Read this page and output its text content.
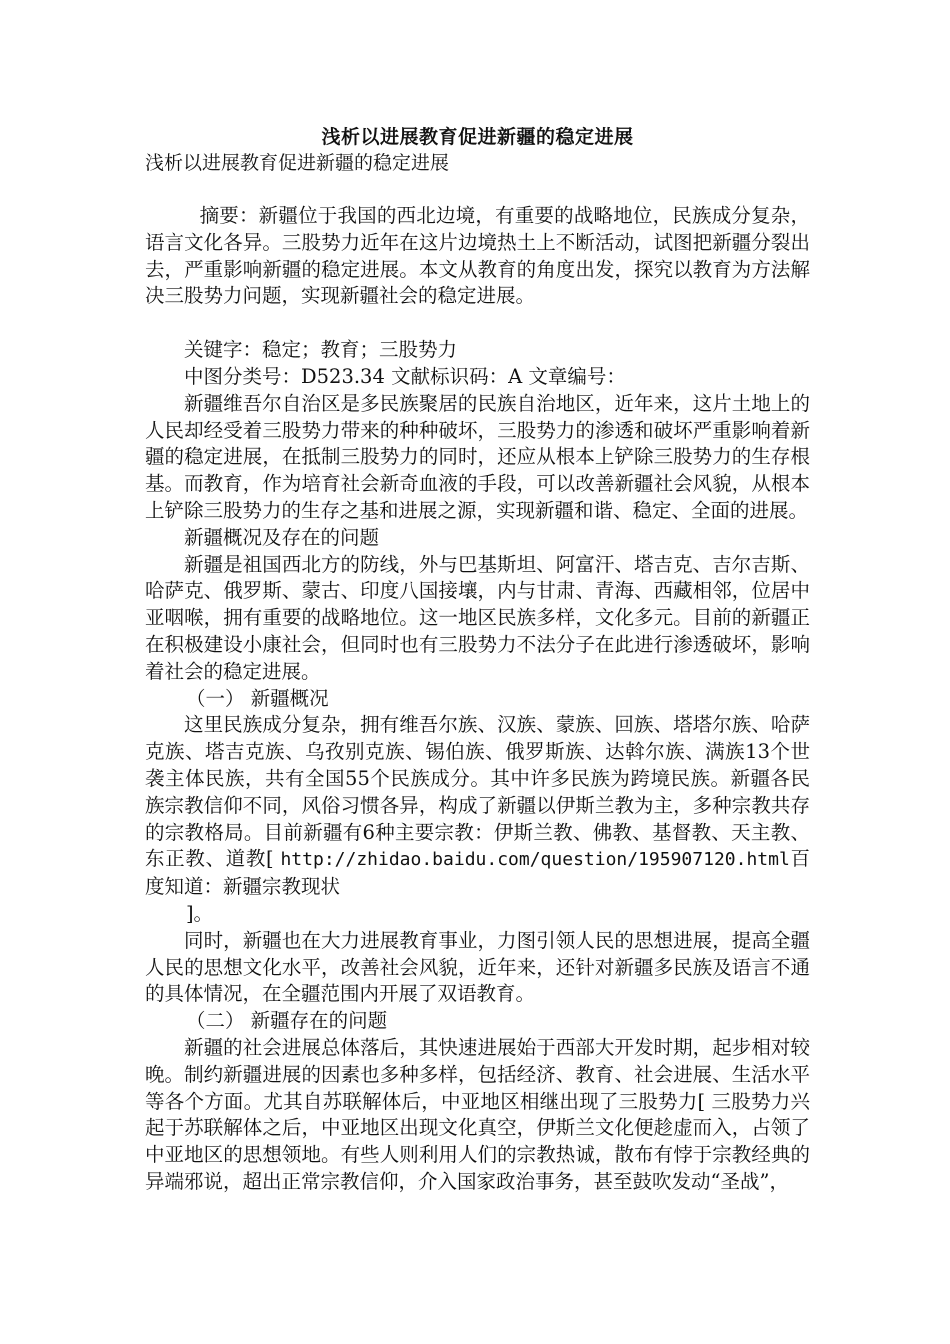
浅析以进展教育促进新疆的稳定进展

浅析以进展教育促进新疆的稳定进展

摘要：新疆位于我国的西北边境，有重要的战略地位，民族成分复杂，语言文化各异。三股势力近年在这片边境热土上不断活动，试图把新疆分裂出去，严重影响新疆的稳定进展。本文从教育的角度出发，探究以教育为方法解决三股势力问题，实现新疆社会的稳定进展。

关键字：稳定；教育；三股势力

中图分类号：D523.34 文献标识码：A 文章编号：

新疆维吾尔自治区是多民族聚居的民族自治地区，近年来，这片土地上的人民却经受着三股势力带来的种种破坏，三股势力的渗透和破坏严重影响着新疆的稳定进展，在抵制三股势力的同时，还应从根本上铲除三股势力的生存根基。而教育，作为培育社会新奇血液的手段，可以改善新疆社会风貌，从根本上铲除三股势力的生存之基和进展之源，实现新疆和谐、稳定、全面的进展。

新疆概况及存在的问题

新疆是祖国西北方的防线，外与巴基斯坦、阿富汗、塔吉克、吉尔吉斯、哈萨克、俄罗斯、蒙古、印度八国接壤，内与甘肃、青海、西藏相邻，位居中亚咽喉，拥有重要的战略地位。这一地区民族多样，文化多元。目前的新疆正在积极建设小康社会，但同时也有三股势力不法分子在此进行渗透破坏，影响着社会的稳定进展。

（一） 新疆概况

这里民族成分复杂，拥有维吾尔族、汉族、蒙族、回族、塔塔尔族、哈萨克族、塔吉克族、乌孜别克族、锡伯族、俄罗斯族、达斡尔族、满族13个世袭主体民族，共有全国55个民族成分。其中许多民族为跨境民族。新疆各民族宗教信仰不同，风俗习惯各异，构成了新疆以伊斯兰教为主，多种宗教共存的宗教格局。目前新疆有6种主要宗教：伊斯兰教、佛教、基督教、天主教、东正教、道教[ http://zhidao.baidu.com/question/195907120.html百度知道：新疆宗教现状

]。

同时，新疆也在大力进展教育事业，力图引领人民的思想进展，提高全疆人民的思想文化水平，改善社会风貌，近年来，还针对新疆多民族及语言不通的具体情况，在全疆范围内开展了双语教育。

（二） 新疆存在的问题

新疆的社会进展总体落后，其快速进展始于西部大开发时期，起步相对较晚。制约新疆进展的因素也多种多样，包括经济、教育、社会进展、生活水平等各个方面。尤其自苏联解体后，中亚地区相继出现了三股势力[ 三股势力兴起于苏联解体之后，中亚地区出现文化真空，伊斯兰文化便趁虚而入，占领了中亚地区的思想领地。有些人则利用人们的宗教热诚，散布有悖于宗教经典的异端邪说，超出正常宗教信仰，介入国家政治事务，甚至鼓吹发动“圣战”，
